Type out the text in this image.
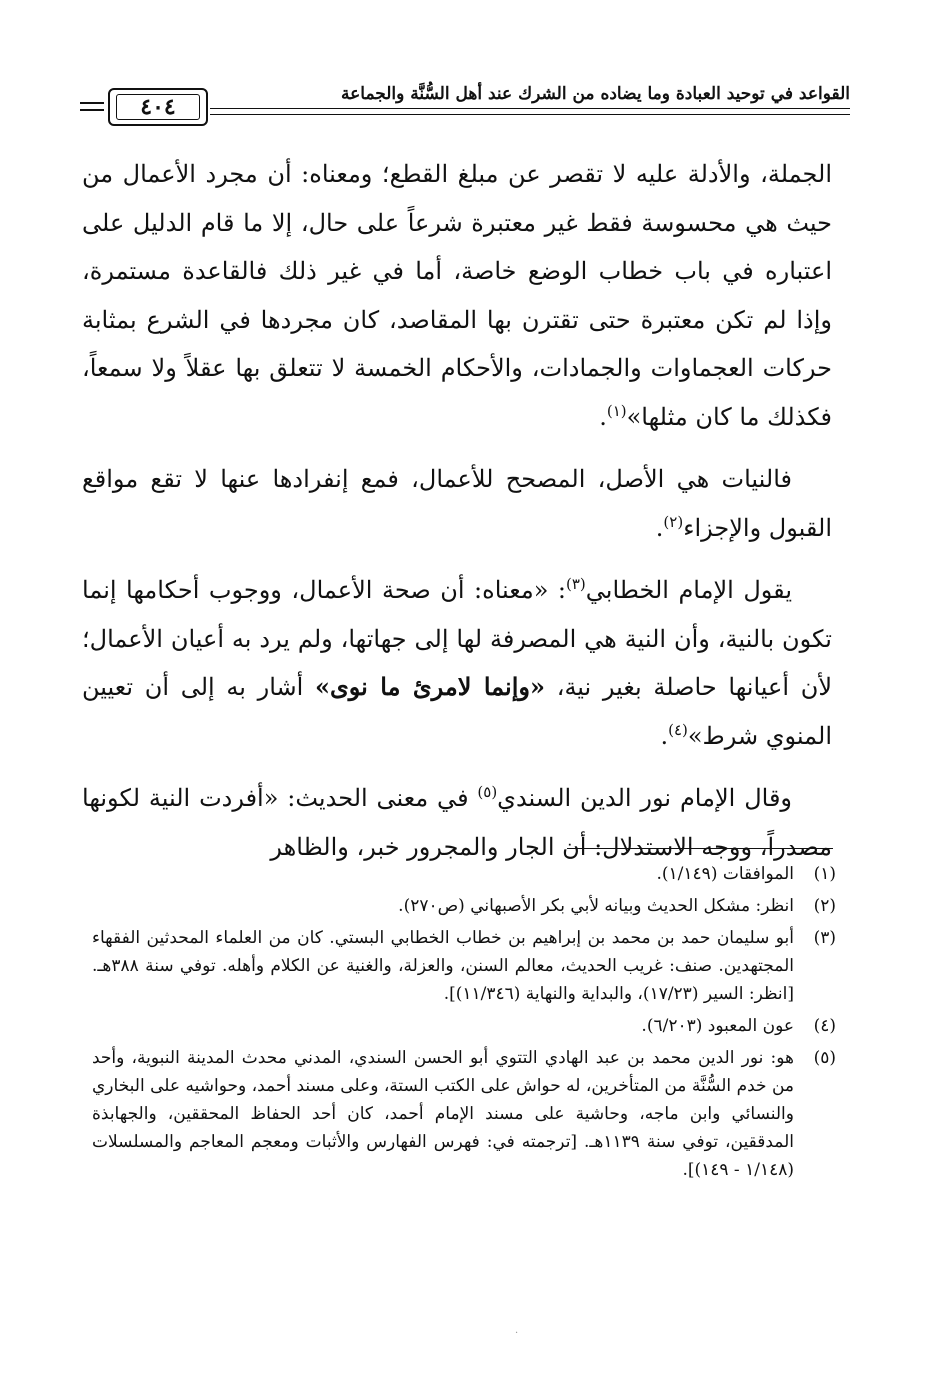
القواعد في توحيد العبادة وما يضاده من الشرك عند أهل السُّنَّة والجماعة
٤٠٤

الجملة، والأدلة عليه لا تقصر عن مبلغ القطع؛ ومعناه: أن مجرد الأعمال من حيث هي محسوسة فقط غير معتبرة شرعاً على حال، إلا ما قام الدليل على اعتباره في باب خطاب الوضع خاصة، أما في غير ذلك فالقاعدة مستمرة، وإذا لم تكن معتبرة حتى تقترن بها المقاصد، كان مجردها في الشرع بمثابة حركات العجماوات والجمادات، والأحكام الخمسة لا تتعلق بها عقلاً ولا سمعاً، فكذلك ما كان مثلها»$^{(١)}$.

فالنيات هي الأصل، المصحح للأعمال، فمع إنفرادها عنها لا تقع مواقع القبول والإجزاء$^{(٢)}$.

يقول الإمام الخطابي$^{(٣)}$: «معناه: أن صحة الأعمال، ووجوب أحكامها إنما تكون بالنية، وأن النية هي المصرفة لها إلى جهاتها، ولم يرد به أعيان الأعمال؛ لأن أعيانها حاصلة بغير نية، «وإنما لامرئ ما نوى» أشار به إلى أن تعيين المنوي شرط»$^{(٤)}$.

وقال الإمام نور الدين السندي$^{(٥)}$ في معنى الحديث: «أفردت النية لكونها مصدراً، ووجه الاستدلال: أن الجار والمجرور خبر، والظاهر

(١)
الموافقات (١/١٤٩).
(٢)
انظر: مشكل الحديث وبيانه لأبي بكر الأصبهاني (ص٢٧٠).
(٣)
أبو سليمان حمد بن محمد بن إبراهيم بن خطاب الخطابي البستي. كان من العلماء المحدثين الفقهاء المجتهدين. صنف: غريب الحديث، معالم السنن، والعزلة، والغنية عن الكلام وأهله. توفي سنة ٣٨٨هـ. [انظر: السير (١٧/٢٣)، والبداية والنهاية (١١/٣٤٦)].
(٤)
عون المعبود (٦/٢٠٣).
(٥)
هو: نور الدين محمد بن عبد الهادي التتوي أبو الحسن السندي، المدني محدث المدينة النبوية، وأحد من خدم السُّنَّة من المتأخرين، له حواش على الكتب الستة، وعلى مسند أحمد، وحواشيه على البخاري والنسائي وابن ماجه، وحاشية على مسند الإمام أحمد، كان أحد الحفاظ المحققين، والجهابذة المدققين، توفي سنة ١١٣٩هـ. [ترجمته في: فهرس الفهارس والأثبات ومعجم المعاجم والمسلسلات (١/١٤٨ - ١٤٩)].
·
